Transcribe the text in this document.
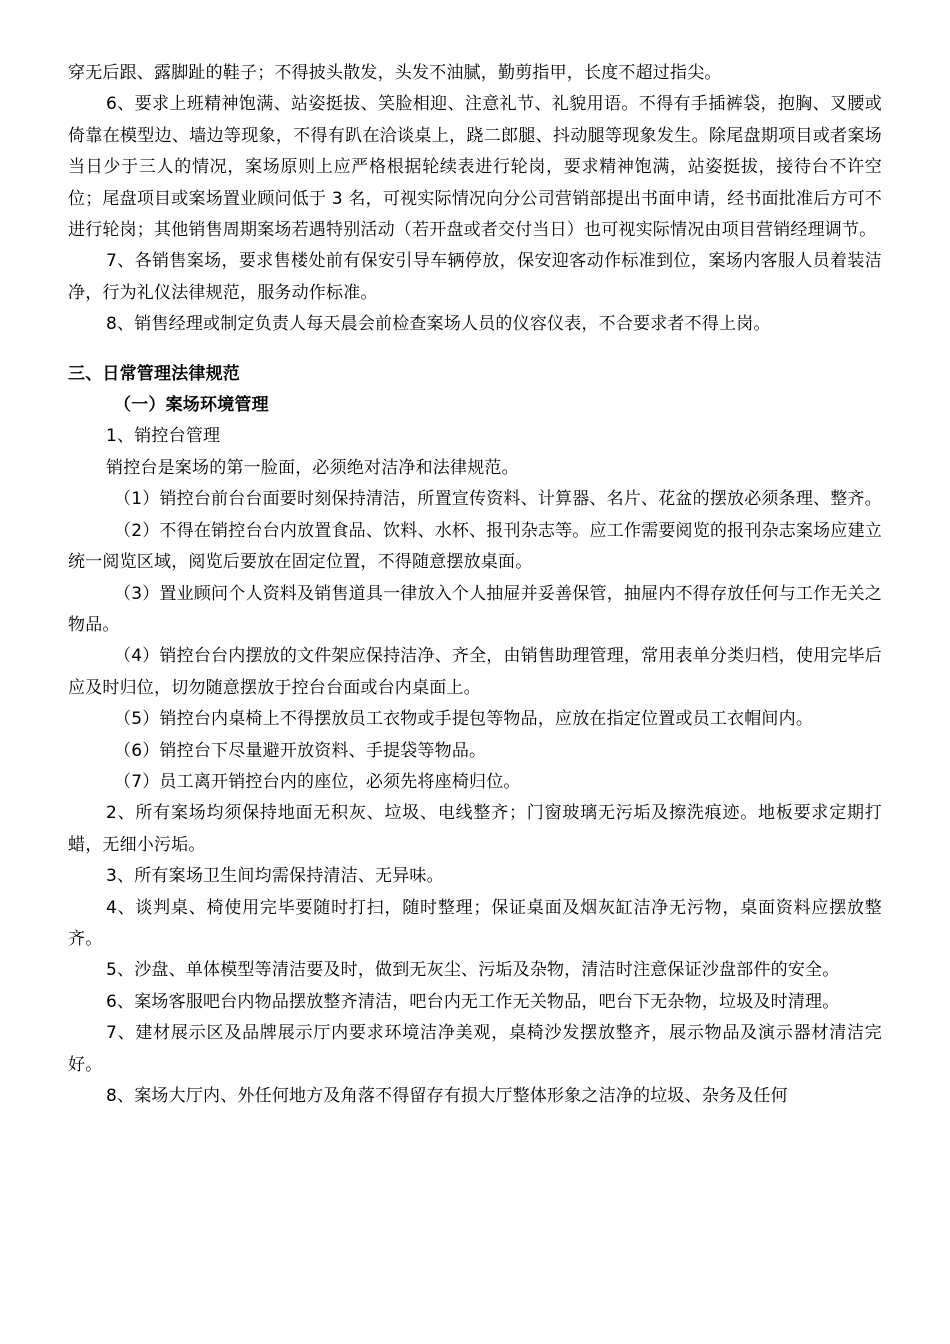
穿无后跟、露脚趾的鞋子；不得披头散发，头发不油腻，勤剪指甲，长度不超过指尖。

6、要求上班精神饱满、站姿挺拔、笑脸相迎、注意礼节、礼貌用语。不得有手插裤袋，抱胸、叉腰或倚靠在模型边、墙边等现象，不得有趴在洽谈桌上，跷二郎腿、抖动腿等现象发生。除尾盘期项目或者案场当日少于三人的情况，案场原则上应严格根据轮续表进行轮岗，要求精神饱满，站姿挺拔，接待台不许空位；尾盘项目或案场置业顾问低于 3 名，可视实际情况向分公司营销部提出书面申请，经书面批准后方可不进行轮岗；其他销售周期案场若遇特别活动（若开盘或者交付当日）也可视实际情况由项目营销经理调节。

7、各销售案场，要求售楼处前有保安引导车辆停放，保安迎客动作标准到位，案场内客服人员着装洁净，行为礼仪法律规范，服务动作标准。

8、销售经理或制定负责人每天晨会前检查案场人员的仪容仪表，不合要求者不得上岗。

三、日常管理法律规范

（一）案场环境管理

1、销控台管理

销控台是案场的第一脸面，必须绝对洁净和法律规范。

（1）销控台前台台面要时刻保持清洁，所置宣传资料、计算器、名片、花盆的摆放必须条理、整齐。

（2）不得在销控台台内放置食品、饮料、水杯、报刊杂志等。应工作需要阅览的报刊杂志案场应建立统一阅览区域，阅览后要放在固定位置，不得随意摆放桌面。

（3）置业顾问个人资料及销售道具一律放入个人抽屉并妥善保管，抽屉内不得存放任何与工作无关之物品。

（4）销控台台内摆放的文件架应保持洁净、齐全，由销售助理管理，常用表单分类归档，使用完毕后应及时归位，切勿随意摆放于控台台面或台内桌面上。

（5）销控台内桌椅上不得摆放员工衣物或手提包等物品，应放在指定位置或员工衣帽间内。

（6）销控台下尽量避开放资料、手提袋等物品。

（7）员工离开销控台内的座位，必须先将座椅归位。

2、所有案场均须保持地面无积灰、垃圾、电线整齐；门窗玻璃无污垢及擦洗痕迹。地板要求定期打蜡，无细小污垢。

3、所有案场卫生间均需保持清洁、无异味。

4、谈判桌、椅使用完毕要随时打扫，随时整理；保证桌面及烟灰缸洁净无污物，桌面资料应摆放整齐。

5、沙盘、单体模型等清洁要及时，做到无灰尘、污垢及杂物，清洁时注意保证沙盘部件的安全。

6、案场客服吧台内物品摆放整齐清洁，吧台内无工作无关物品，吧台下无杂物，垃圾及时清理。

7、建材展示区及品牌展示厅内要求环境洁净美观，桌椅沙发摆放整齐，展示物品及演示器材清洁完好。

8、案场大厅内、外任何地方及角落不得留存有损大厅整体形象之洁净的垃圾、杂务及任何
